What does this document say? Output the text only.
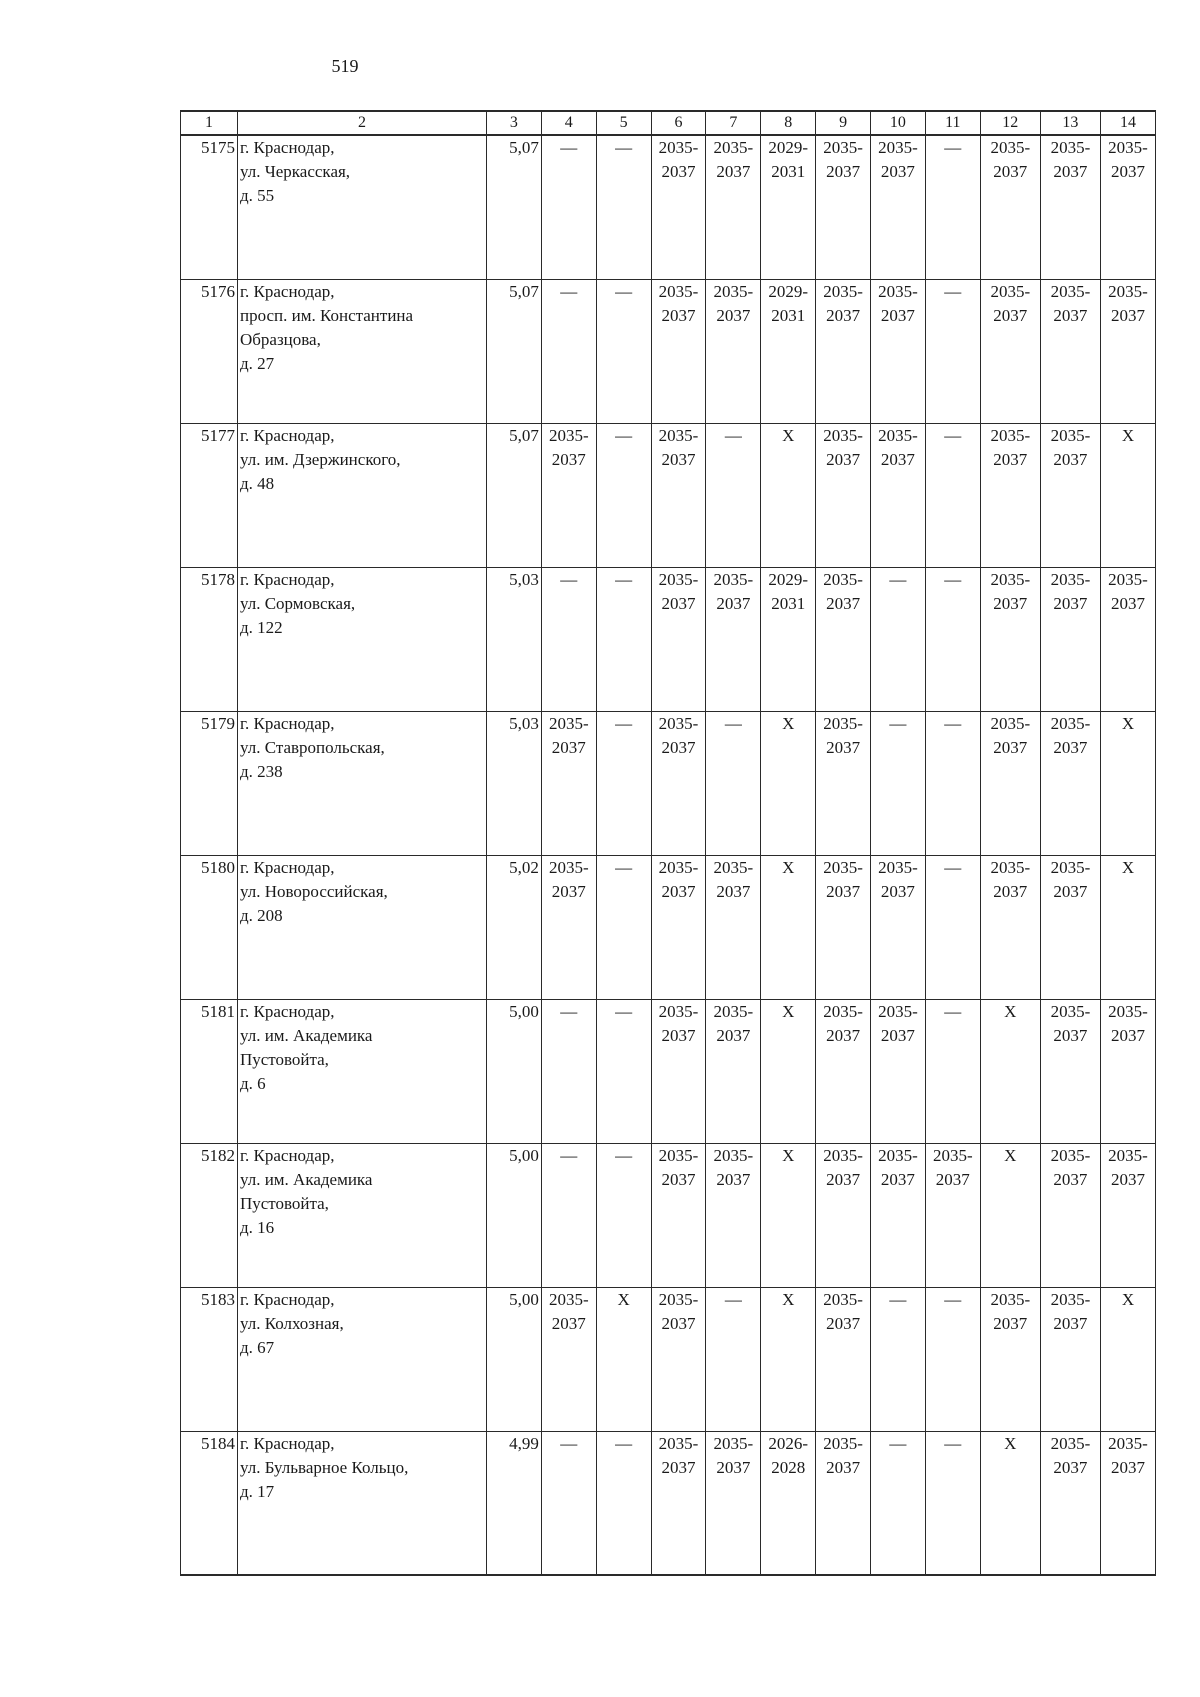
519
1	2	3	4	5	6	7	8	9	10	11	12	13	14
5175	г. Краснодар,
ул. Черкасская,
д. 55	5,07	—	—	2035-
2037	2035-
2037	2029-
2031	2035-
2037	2035-
2037	—	2035-
2037	2035-
2037	2035-
2037

5176	г. Краснодар,
просп. им. Константина
Образцова,
д. 27	5,07	—	—	2035-
2037	2035-
2037	2029-
2031	2035-
2037	2035-
2037	—	2035-
2037	2035-
2037	2035-
2037

5177	г. Краснодар,
ул. им. Дзержинского,
д. 48	5,07	2035-
2037	—	2035-
2037	—	Х	2035-
2037	2035-
2037	—	2035-
2037	2035-
2037	Х
5178	г. Краснодар,
ул. Сормовская,
д. 122	5,03	—	—	2035-
2037	2035-
2037	2029-
2031	2035-
2037	—	—	2035-
2037	2035-
2037	2035-
2037

5179	г. Краснодар,
ул. Ставропольская,
д. 238	5,03	2035-
2037	—	2035-
2037	—	Х	2035-
2037	—	—	2035-
2037	2035-
2037	Х
5180	г. Краснодар,
ул. Новороссийская,
д. 208	5,02	2035-
2037	—	2035-
2037	2035-
2037	Х	2035-
2037	2035-
2037	—	2035-
2037	2035-
2037	Х
5181	г. Краснодар,
ул. им. Академика
Пустовойта,
д. 6	5,00	—	—	2035-
2037	2035-
2037	Х	2035-
2037	2035-
2037	—	Х	2035-
2037	2035-
2037

5182	г. Краснодар,
ул. им. Академика
Пустовойта,
д. 16	5,00	—	—	2035-
2037	2035-
2037	Х	2035-
2037	2035-
2037	2035-
2037	Х	2035-
2037	2035-
2037

5183	г. Краснодар,
ул. Колхозная,
д. 67	5,00	2035-
2037	Х	2035-
2037	—	Х	2035-
2037	—	—	2035-
2037	2035-
2037	Х
5184	г. Краснодар,
ул. Бульварное Кольцо,
д. 17	4,99	—	—	2035-
2037	2035-
2037	2026-
2028	2035-
2037	—	—	Х	2035-
2037	2035-
2037
